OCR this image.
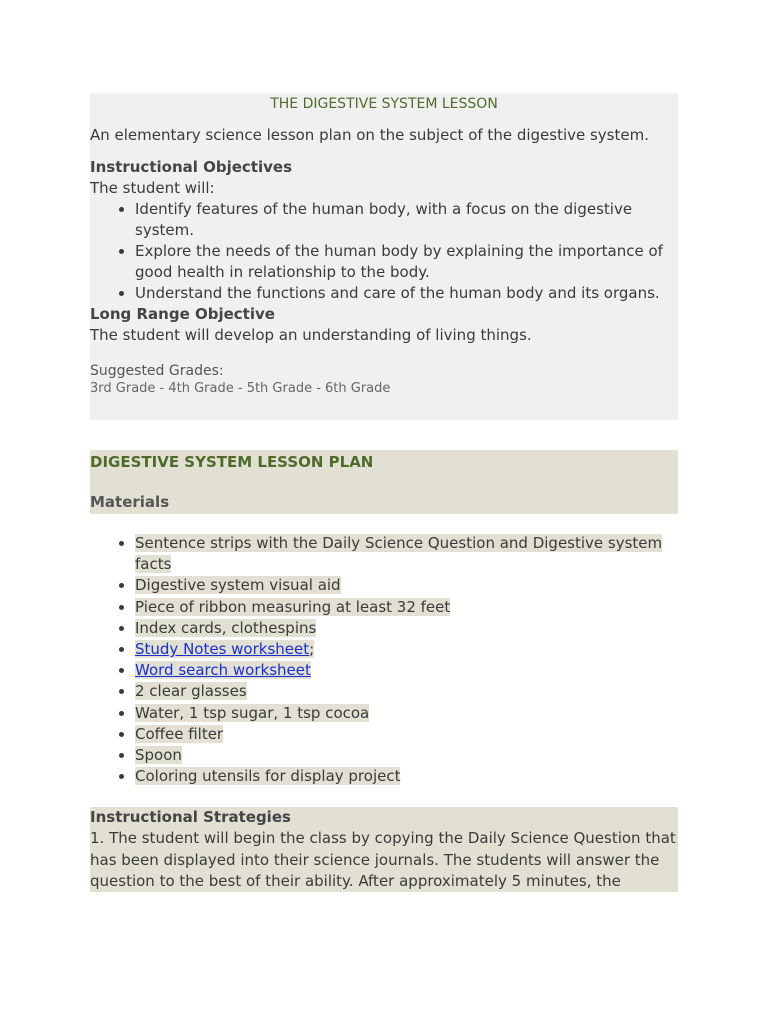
THE DIGESTIVE SYSTEM LESSON

An elementary science lesson plan on the subject of the digestive system.

Instructional Objectives
The student will:
• Identify features of the human body, with a focus on the digestive system.
• Explore the needs of the human body by explaining the importance of good health in relationship to the body.
• Understand the functions and care of the human body and its organs.
Long Range Objective
The student will develop an understanding of living things.
Suggested Grades:
3rd Grade - 4th Grade - 5th Grade - 6th Grade
DIGESTIVE SYSTEM LESSON PLAN
Materials
• Sentence strips with the Daily Science Question and Digestive system facts
• Digestive system visual aid
• Piece of ribbon measuring at least 32 feet
• Index cards, clothespins
• Study Notes worksheet;
• Word search worksheet
• 2 clear glasses
• Water, 1 tsp sugar, 1 tsp cocoa
• Coffee filter
• Spoon
• Coloring utensils for display project
Instructional Strategies
1. The student will begin the class by copying the Daily Science Question that has been displayed into their science journals. The students will answer the question to the best of their ability. After approximately 5 minutes, the
